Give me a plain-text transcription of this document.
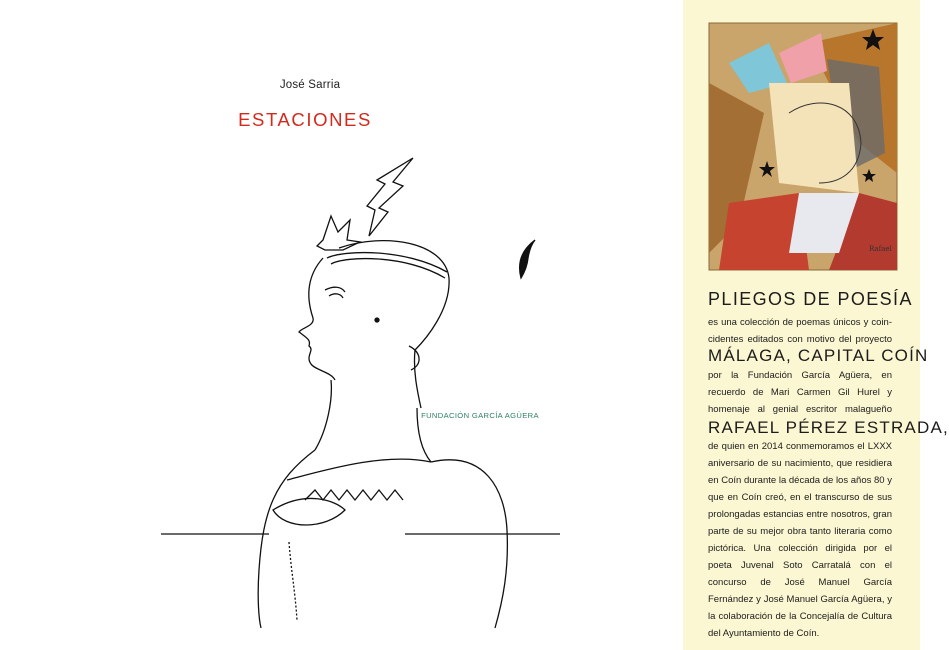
José Sarria
ESTACIONES
FUNDACIÓN GARCÍA AGÜERA
Rafael
PLIEGOS DE POESÍA
es una colección de poemas únicos y coin-cidentes editados con motivo del proyecto
MÁLAGA, CAPITAL COÍN
por la Fundación García Agüera, en recuerdo de Mari Carmen Gil Hurel y homenaje al genial escritor malagueño
RAFAEL PÉREZ ESTRADA,
de quien en 2014 conmemoramos el LXXX aniversario de su nacimiento, que residiera en Coín durante la década de los años 80 y que en Coín creó, en el transcurso de sus prolongadas estancias entre nosotros, gran parte de su mejor obra tanto literaria como pictórica. Una colección dirigida por el poeta Juvenal Soto Carratalá con el concurso de José Manuel García Fernández y José Manuel García Agüera, y la colaboración de la Concejalía de Cultura del Ayuntamiento de Coín.
